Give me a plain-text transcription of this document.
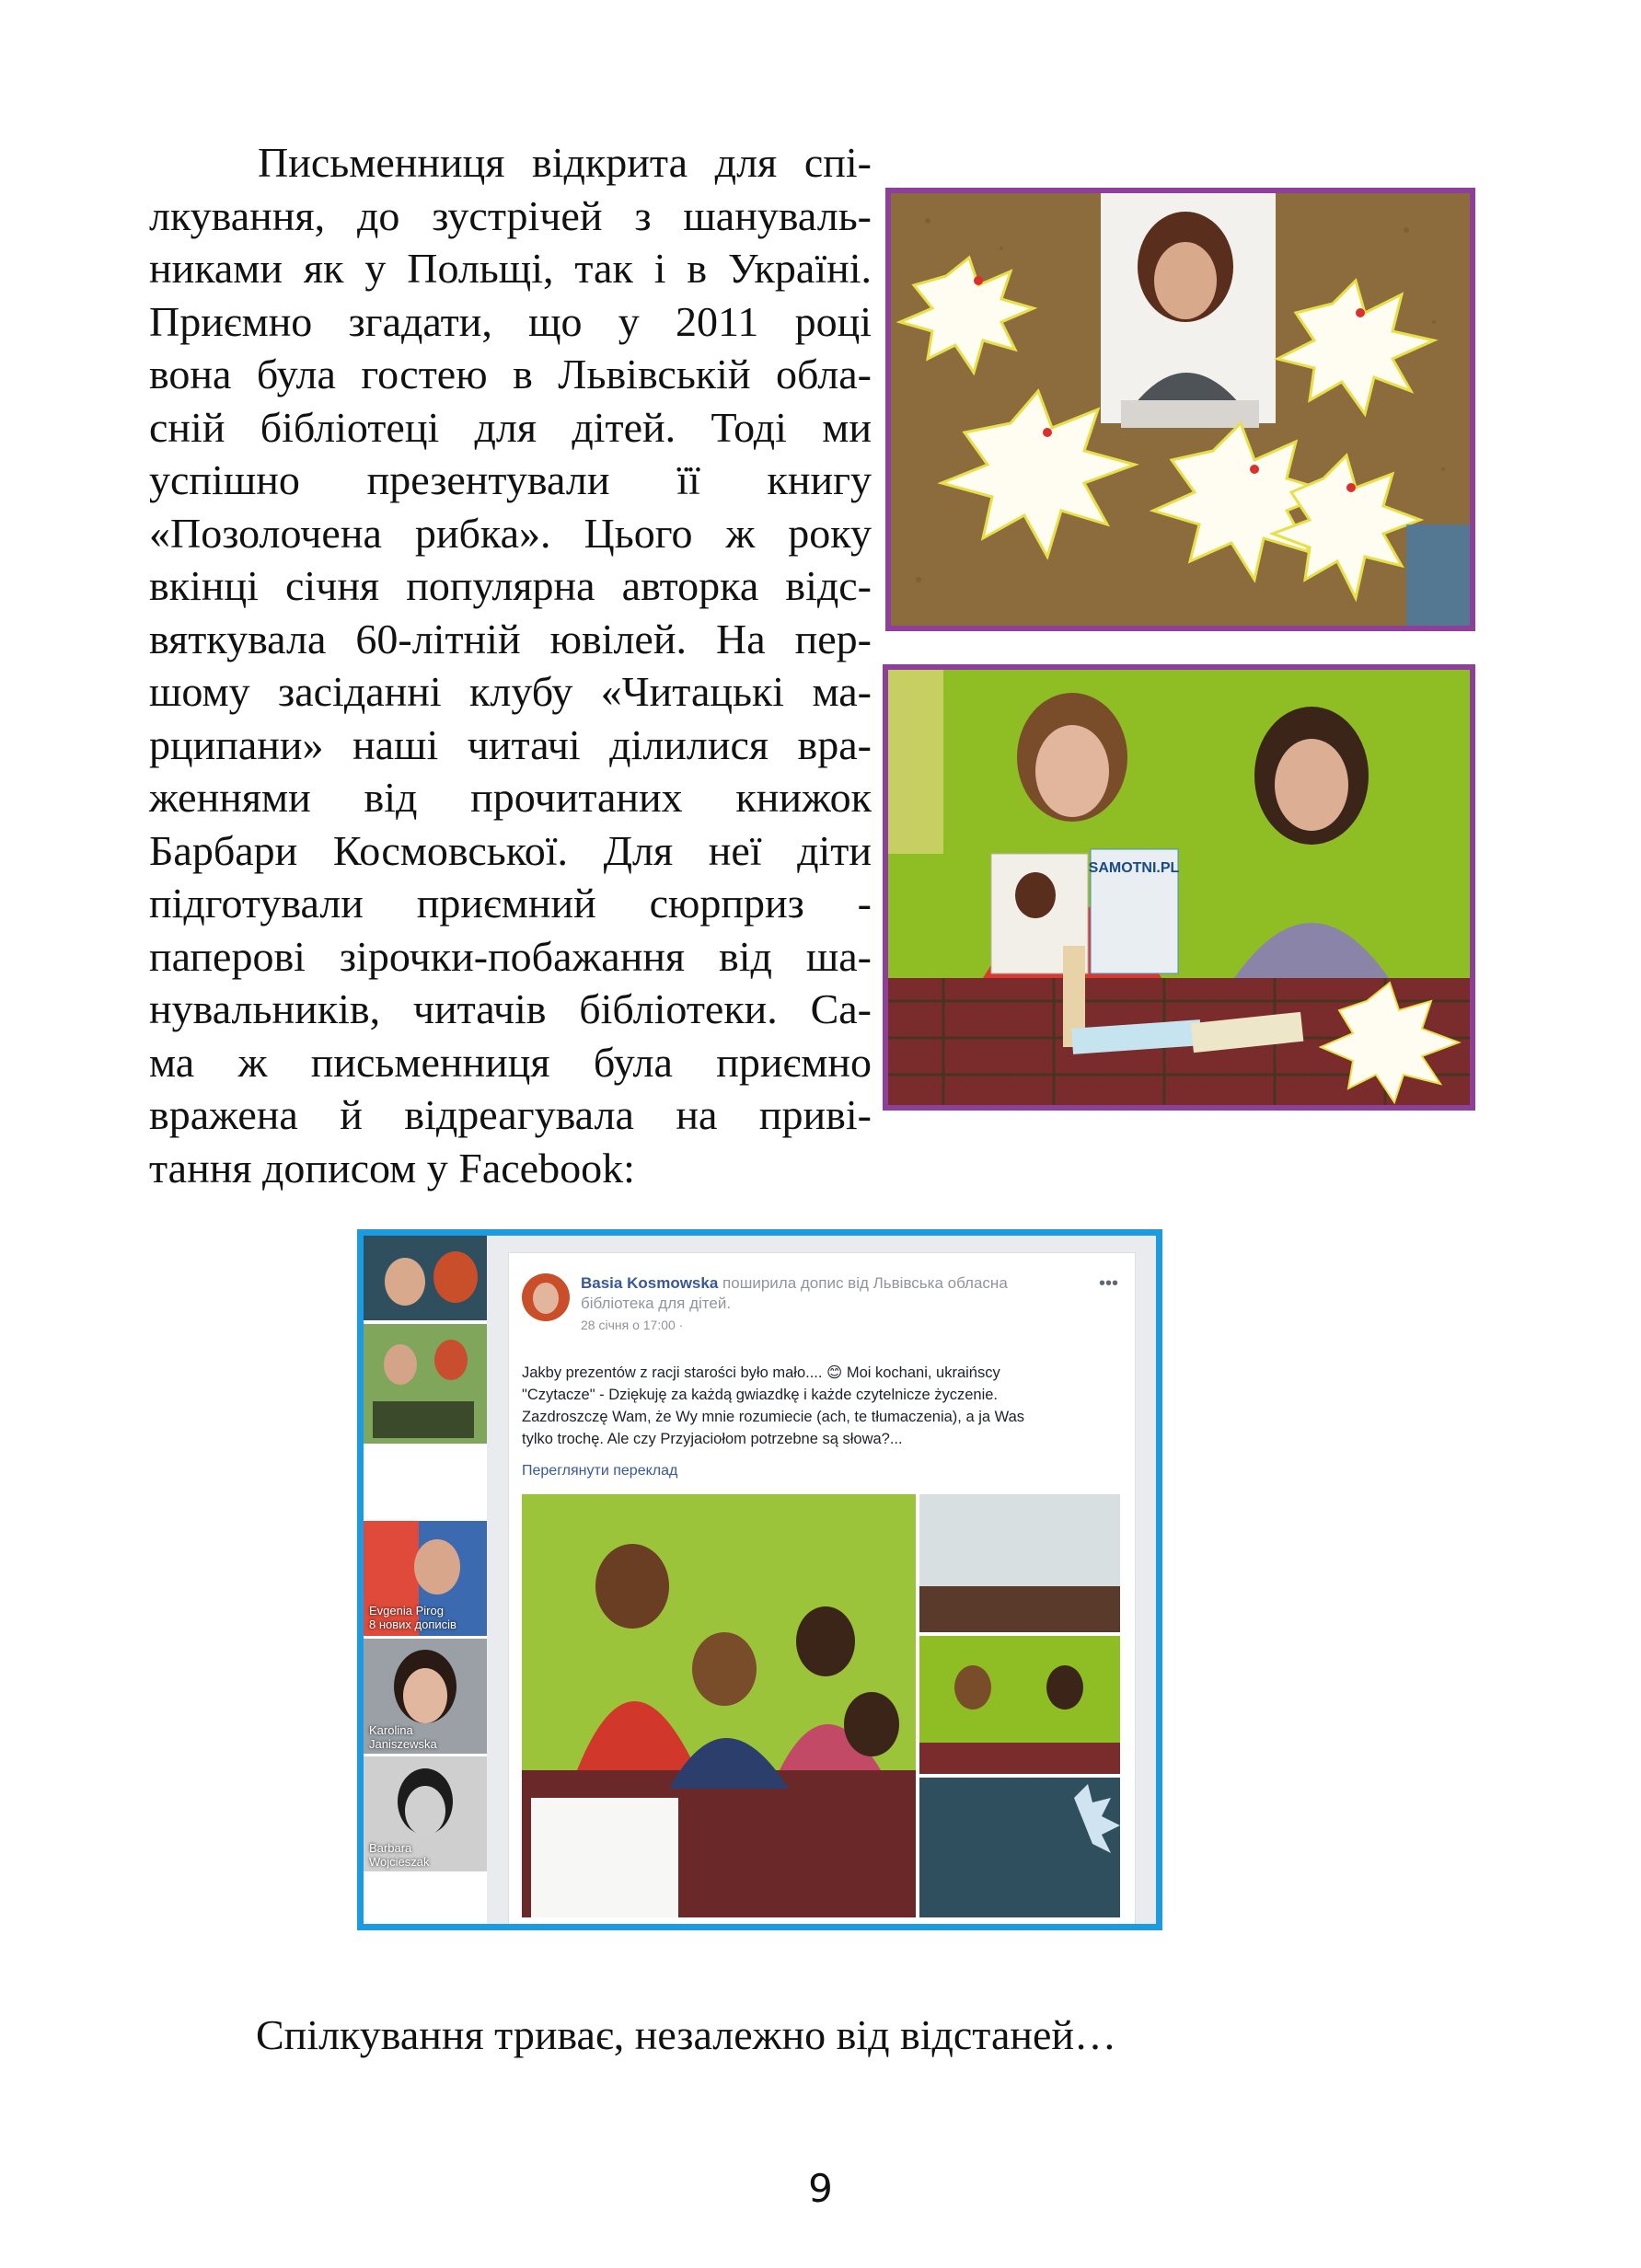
Письменниця відкрита для спі-
лкування, до зустрічей з шануваль-
никами як у Польщі, так і в Україні.
Приємно згадати, що у 2011 році
вона була гостею в Львівській обла-
сній бібліотеці для дітей. Тоді ми
успішно презентували її книгу
«Позолочена рибка». Цього ж року
вкінці січня популярна авторка відс-
вяткувала 60-літній ювілей. На пер-
шому засіданні клубу «Читацькі ма-
рципани» наші читачі ділилися вра-
женнями від прочитаних книжок
Барбари Космовської. Для неї діти
підготували приємний сюрприз -
паперові зірочки-побажання від ша-
нувальників, читачів бібліотеки. Са-
ма ж письменниця була приємно
вражена й відреагувала на приві-
тання дописом у Facebook:
SAMOTNI.PL
Evgenia Pirog
8 нових дописів
Karolina
Janiszewska
Barbara
Wojcieszak
Basia Kosmowska поширила допис від Львівська обласна
бібліотека для дітей.
28 січня о 17:00 ·
•••
Jakby prezentów z racji starości było mało.... 😊 Moi kochani, ukraińscy
"Czytacze" - Dziękuję za każdą gwiazdkę i każde czytelnicze życzenie.
Zazdroszczę Wam, że Wy mnie rozumiecie (ach, te tłumaczenia), a ja Was
tylko trochę. Ale czy Przyjaciołom potrzebne są słowa?...
Переглянути переклад
Спілкування триває, незалежно від відстаней…
9
